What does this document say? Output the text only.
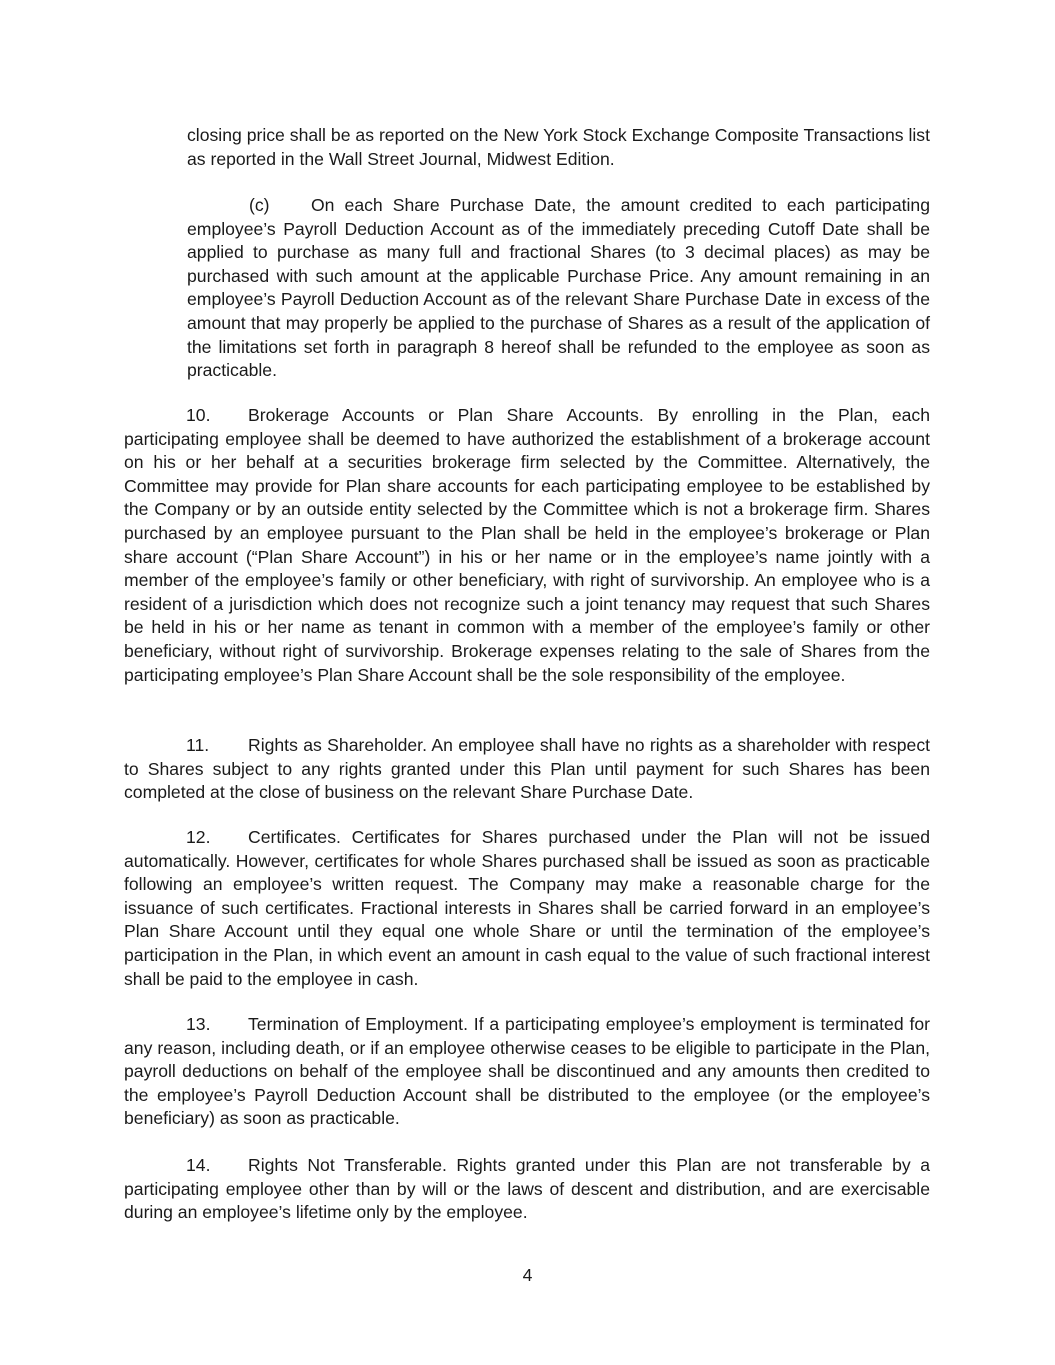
closing price shall be as reported on the New York Stock Exchange Composite Transactions list as reported in the Wall Street Journal, Midwest Edition.

(c) On each Share Purchase Date, the amount credited to each participating employee’s Payroll Deduction Account as of the immediately preceding Cutoff Date shall be applied to purchase as many full and fractional Shares (to 3 decimal places) as may be purchased with such amount at the applicable Purchase Price. Any amount remaining in an employee’s Payroll Deduction Account as of the relevant Share Purchase Date in excess of the amount that may properly be applied to the purchase of Shares as a result of the application of the limitations set forth in paragraph 8 hereof shall be refunded to the employee as soon as practicable.

10. Brokerage Accounts or Plan Share Accounts. By enrolling in the Plan, each participating employee shall be deemed to have authorized the establishment of a brokerage account on his or her behalf at a securities brokerage firm selected by the Committee. Alternatively, the Committee may provide for Plan share accounts for each participating employee to be established by the Company or by an outside entity selected by the Committee which is not a brokerage firm. Shares purchased by an employee pursuant to the Plan shall be held in the employee’s brokerage or Plan share account (“Plan Share Account”) in his or her name or in the employee’s name jointly with a member of the employee’s family or other beneficiary, with right of survivorship. An employee who is a resident of a jurisdiction which does not recognize such a joint tenancy may request that such Shares be held in his or her name as tenant in common with a member of the employee’s family or other beneficiary, without right of survivorship. Brokerage expenses relating to the sale of Shares from the participating employee’s Plan Share Account shall be the sole responsibility of the employee.

11. Rights as Shareholder. An employee shall have no rights as a shareholder with respect to Shares subject to any rights granted under this Plan until payment for such Shares has been completed at the close of business on the relevant Share Purchase Date.

12. Certificates. Certificates for Shares purchased under the Plan will not be issued automatically. However, certificates for whole Shares purchased shall be issued as soon as practicable following an employee’s written request. The Company may make a reasonable charge for the issuance of such certificates. Fractional interests in Shares shall be carried forward in an employee’s Plan Share Account until they equal one whole Share or until the termination of the employee’s participation in the Plan, in which event an amount in cash equal to the value of such fractional interest shall be paid to the employee in cash.

13. Termination of Employment. If a participating employee’s employment is terminated for any reason, including death, or if an employee otherwise ceases to be eligible to participate in the Plan, payroll deductions on behalf of the employee shall be discontinued and any amounts then credited to the employee’s Payroll Deduction Account shall be distributed to the employee (or the employee’s beneficiary) as soon as practicable.

14. Rights Not Transferable. Rights granted under this Plan are not transferable by a participating employee other than by will or the laws of descent and distribution, and are exercisable during an employee’s lifetime only by the employee.

4
